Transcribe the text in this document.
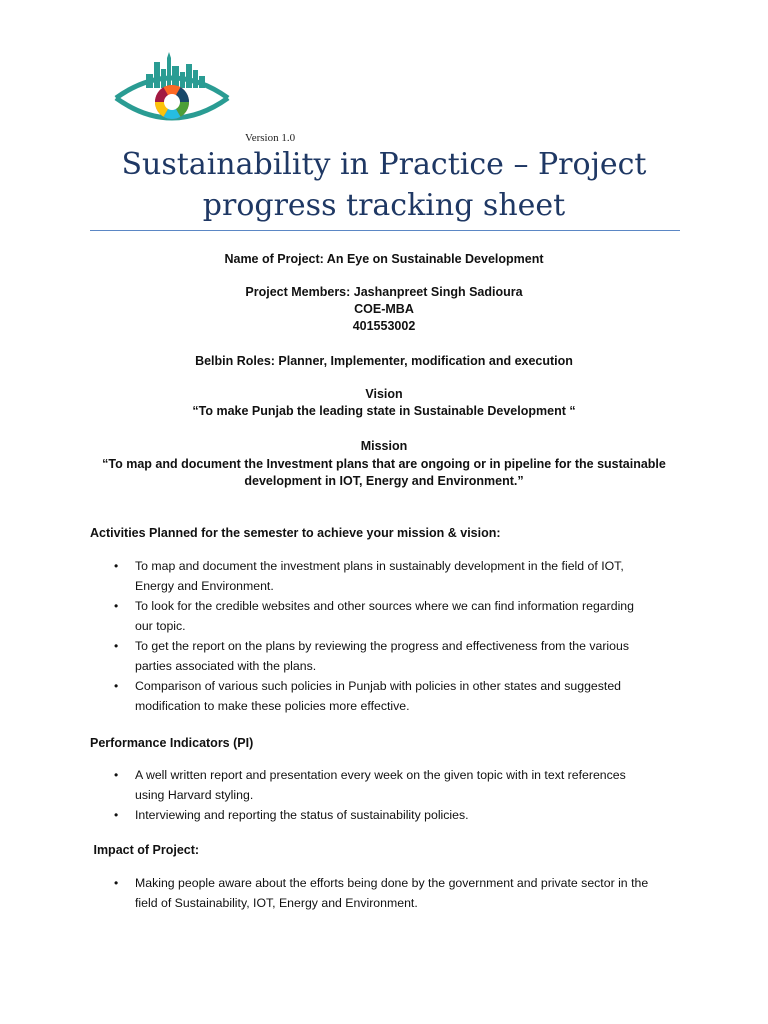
Version 1.0
Sustainability in Practice – Project
progress tracking sheet
Name of Project: An Eye on Sustainable Development
Project Members: Jashanpreet Singh Sadioura
COE-MBA
401553002
Belbin Roles: Planner, Implementer, modification and execution
Vision
“To make Punjab the leading state in Sustainable Development “
Mission
“To map and document the Investment plans that are ongoing or in pipeline for the sustainable
development in IOT, Energy and Environment.”
Activities Planned for the semester to achieve your mission & vision:
• To map and document the investment plans in sustainably development in the field of IOT,
Energy and Environment.
• To look for the credible websites and other sources where we can find information regarding
our topic.
• To get the report on the plans by reviewing the progress and effectiveness from the various
parties associated with the plans.
• Comparison of various such policies in Punjab with policies in other states and suggested
modification to make these policies more effective.
Performance Indicators (PI)
• A well written report and presentation every week on the given topic with in text references
using Harvard styling.
• Interviewing and reporting the status of sustainability policies.
Impact of Project:
• Making people aware about the efforts being done by the government and private sector in the
field of Sustainability, IOT, Energy and Environment.
